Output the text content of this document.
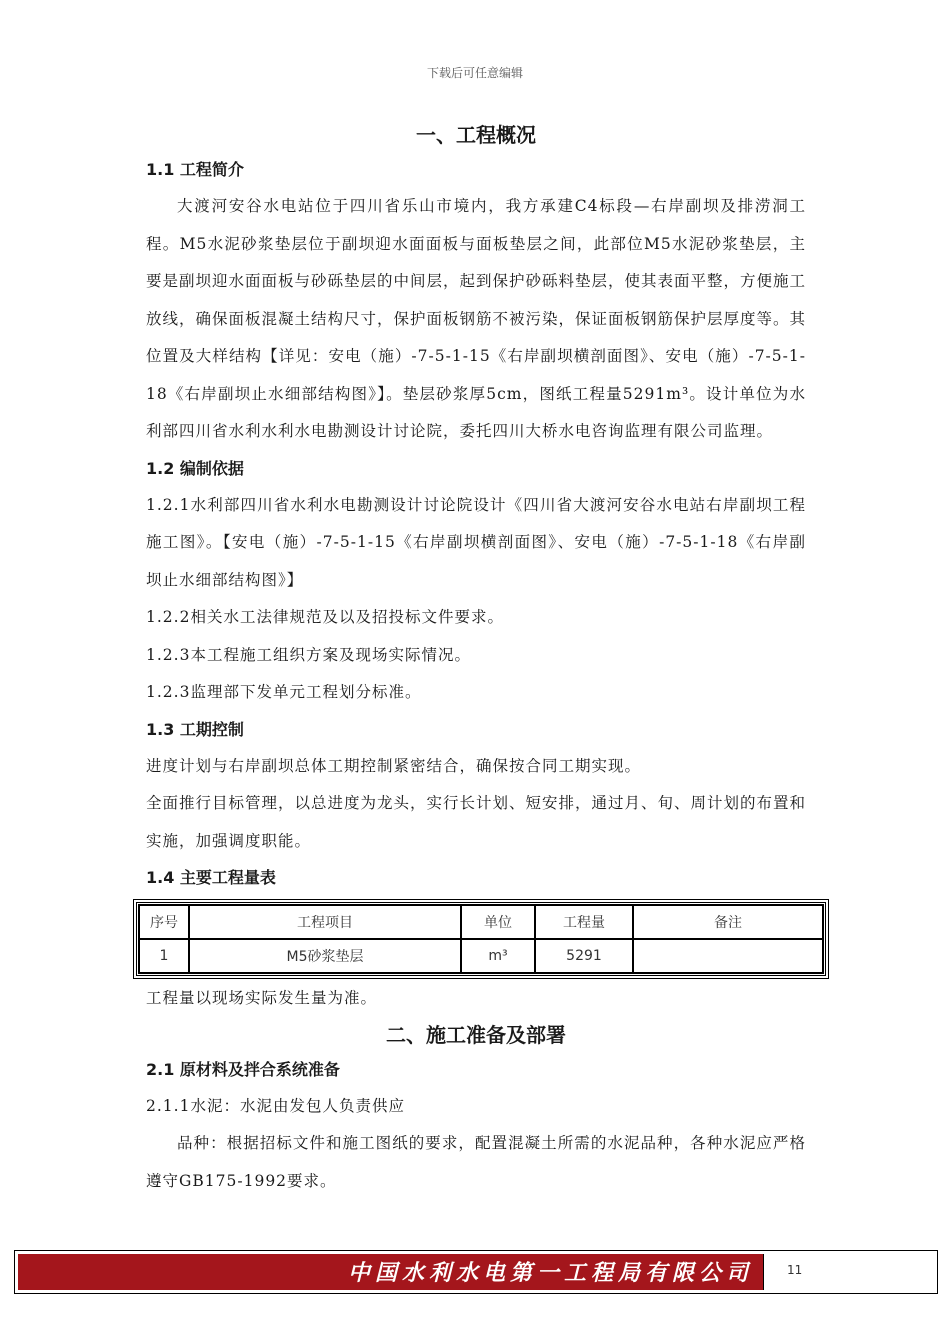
下载后可任意编辑
一、工程概况
1.1 工程简介

大渡河安谷水电站位于四川省乐山市境内，我方承建C4标段—右岸副坝及排涝洞工程。M5水泥砂浆垫层位于副坝迎水面面板与面板垫层之间，此部位M5水泥砂浆垫层，主要是副坝迎水面面板与砂砾垫层的中间层，起到保护砂砾料垫层，使其表面平整，方便施工放线，确保面板混凝土结构尺寸，保护面板钢筋不被污染，保证面板钢筋保护层厚度等。其位置及大样结构【详见：安电（施）-7-5-1-15《右岸副坝横剖面图》、安电（施）-7-5-1-18《右岸副坝止水细部结构图》】。垫层砂浆厚5cm，图纸工程量5291m³。设计单位为水利部四川省水利水利水电勘测设计讨论院，委托四川大桥水电咨询监理有限公司监理。

1.2 编制依据

1.2.1水利部四川省水利水电勘测设计讨论院设计《四川省大渡河安谷水电站右岸副坝工程施工图》。【安电（施）-7-5-1-15《右岸副坝横剖面图》、安电（施）-7-5-1-18《右岸副坝止水细部结构图》】

1.2.2相关水工法律规范及以及招投标文件要求。

1.2.3本工程施工组织方案及现场实际情况。

1.2.3监理部下发单元工程划分标准。

1.3 工期控制

进度计划与右岸副坝总体工期控制紧密结合，确保按合同工期实现。

全面推行目标管理，以总进度为龙头，实行长计划、短安排，通过月、旬、周计划的布置和实施，加强调度职能。

1.4 主要工程量表
序号	工程项目	单位	工程量	备注
1	M5砂浆垫层	m³	5291	

工程量以现场实际发生量为准。

二、施工准备及部署
2.1 原材料及拌合系统准备

2.1.1水泥：水泥由发包人负责供应

品种：根据招标文件和施工图纸的要求，配置混凝土所需的水泥品种，各种水泥应严格遵守GB175-1992要求。

中国水利水电第一工程局有限公司	11
